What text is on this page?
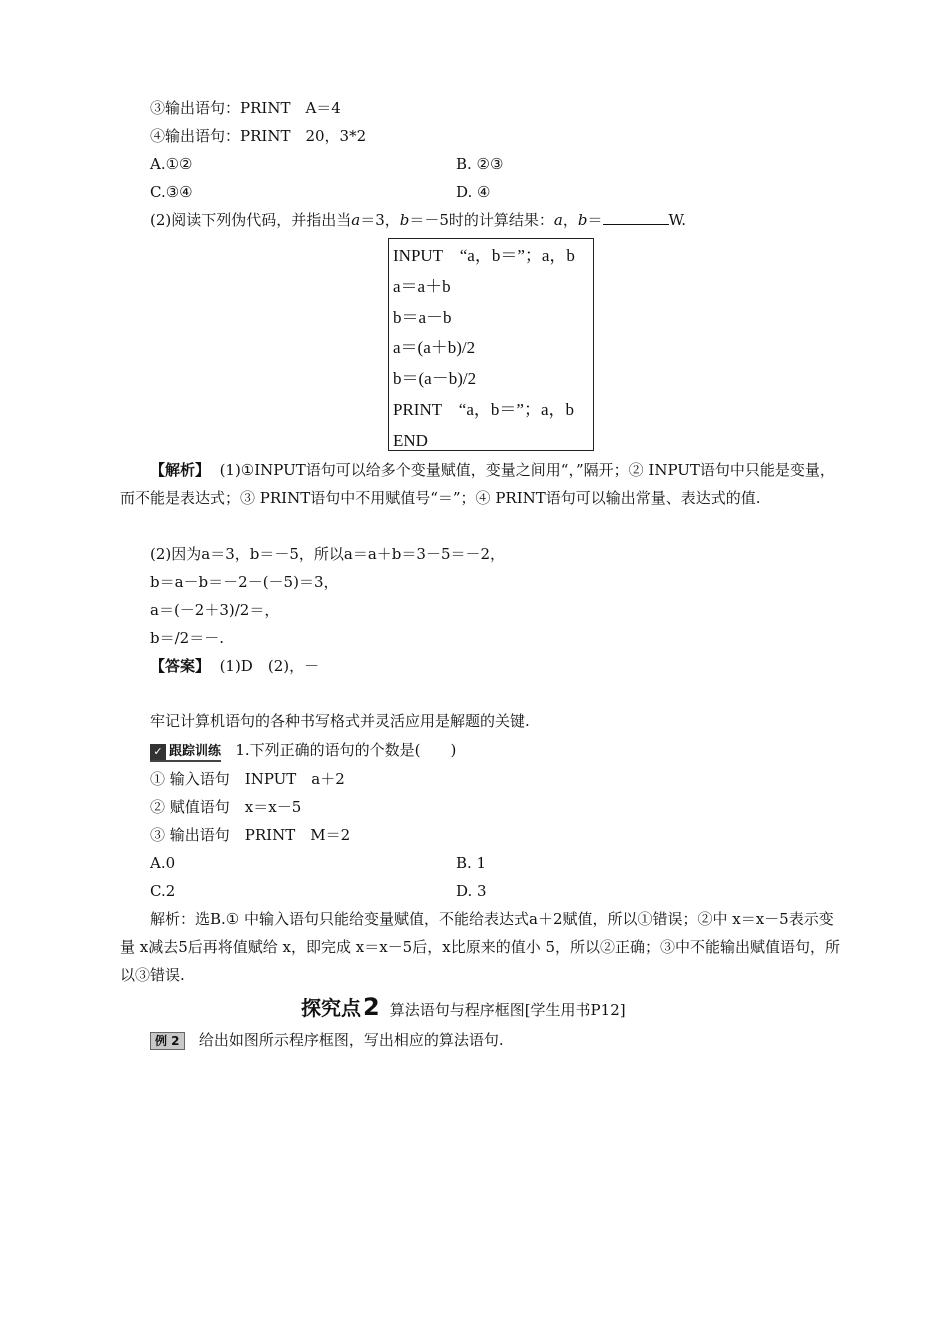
③输出语句：PRINT　A＝4
④输出语句：PRINT　20，3*2
A.①②	B. ②③
C.③④	D. ④
(2)阅读下列伪代码，并指出当a＝3，b＝－5时的计算结果：a，b＝	W.
INPUT　“a，b＝”；a，b
a＝a＋b
b＝a－b
a＝(a＋b)/2
b＝(a－b)/2
PRINT　“a，b＝”；a，b
END
【解析】 (1)①INPUT语句可以给多个变量赋值，变量之间用“，”隔开；② INPUT语句中只能是变量，而不能是表达式；③ PRINT语句中不用赋值号“＝”；④ PRINT语句可以输出常量、表达式的值.
(2)因为a＝3，b＝－5，所以a＝a＋b＝3－5＝－2，
b＝a－b＝－2－(－5)＝3，
a＝(－2＋3)/2＝，
b＝/2＝－.
【答案】 (1)D　(2)，－
牢记计算机语句的各种书写格式并灵活应用是解题的关键.
✓ 跟踪训练 1.下列正确的语句的个数是(　　)
① 输入语句　INPUT　a＋2
② 赋值语句　x＝x－5
③ 输出语句　PRINT　M＝2
A.0	B. 1
C.2	D. 3
解析：选B.① 中输入语句只能给变量赋值，不能给表达式a＋2赋值，所以①错误；②中 x＝x－5表示变量 x减去5后再将值赋给 x，即完成 x＝x－5后，x比原来的值小 5，所以②正确；③中不能输出赋值语句，所以③错误.
探究点2 算法语句与程序框图[学生用书P12]
例 2 给出如图所示程序框图，写出相应的算法语句.
